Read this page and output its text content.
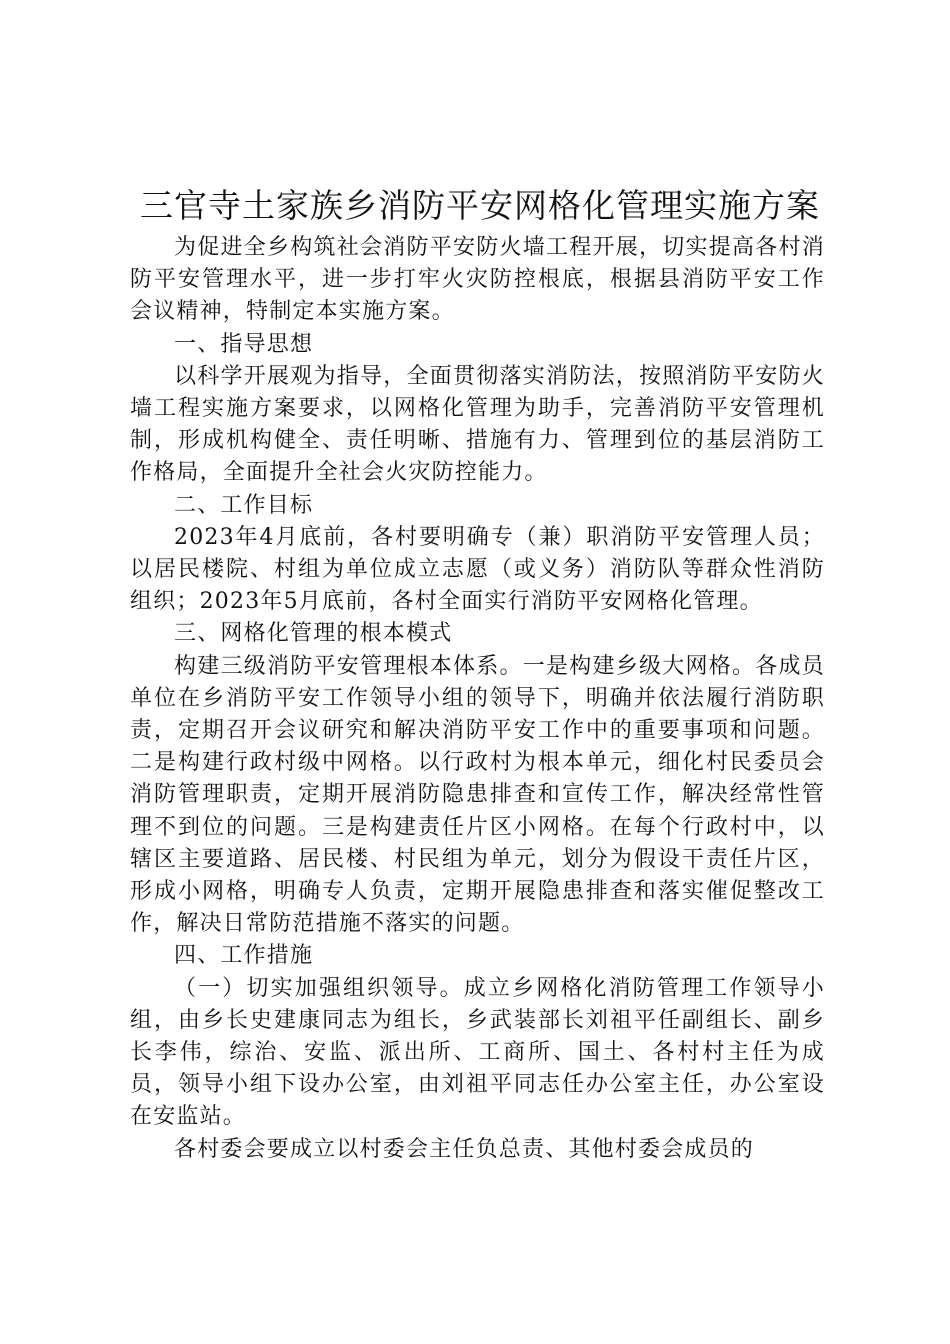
三官寺土家族乡消防平安网格化管理实施方案

为促进全乡构筑社会消防平安防火墙工程开展，切实提高各村消防平安管理水平，进一步打牢火灾防控根底，根据县消防平安工作会议精神，特制定本实施方案。

一、指导思想

以科学开展观为指导，全面贯彻落实消防法，按照消防平安防火墙工程实施方案要求，以网格化管理为助手，完善消防平安管理机制，形成机构健全、责任明晰、措施有力、管理到位的基层消防工作格局，全面提升全社会火灾防控能力。

二、工作目标

2023年4月底前，各村要明确专（兼）职消防平安管理人员；以居民楼院、村组为单位成立志愿（或义务）消防队等群众性消防组织；2023年5月底前，各村全面实行消防平安网格化管理。

三、网格化管理的根本模式

构建三级消防平安管理根本体系。一是构建乡级大网格。各成员单位在乡消防平安工作领导小组的领导下，明确并依法履行消防职责，定期召开会议研究和解决消防平安工作中的重要事项和问题。二是构建行政村级中网格。以行政村为根本单元，细化村民委员会消防管理职责，定期开展消防隐患排查和宣传工作，解决经常性管理不到位的问题。三是构建责任片区小网格。在每个行政村中，以辖区主要道路、居民楼、村民组为单元，划分为假设干责任片区，形成小网格，明确专人负责，定期开展隐患排查和落实催促整改工作，解决日常防范措施不落实的问题。

四、工作措施

（一）切实加强组织领导。成立乡网格化消防管理工作领导小组，由乡长史建康同志为组长，乡武装部长刘祖平任副组长、副乡长李伟，综治、安监、派出所、工商所、国土、各村村主任为成员，领导小组下设办公室，由刘祖平同志任办公室主任，办公室设在安监站。

各村委会要成立以村委会主任负总责、其他村委会成员的
